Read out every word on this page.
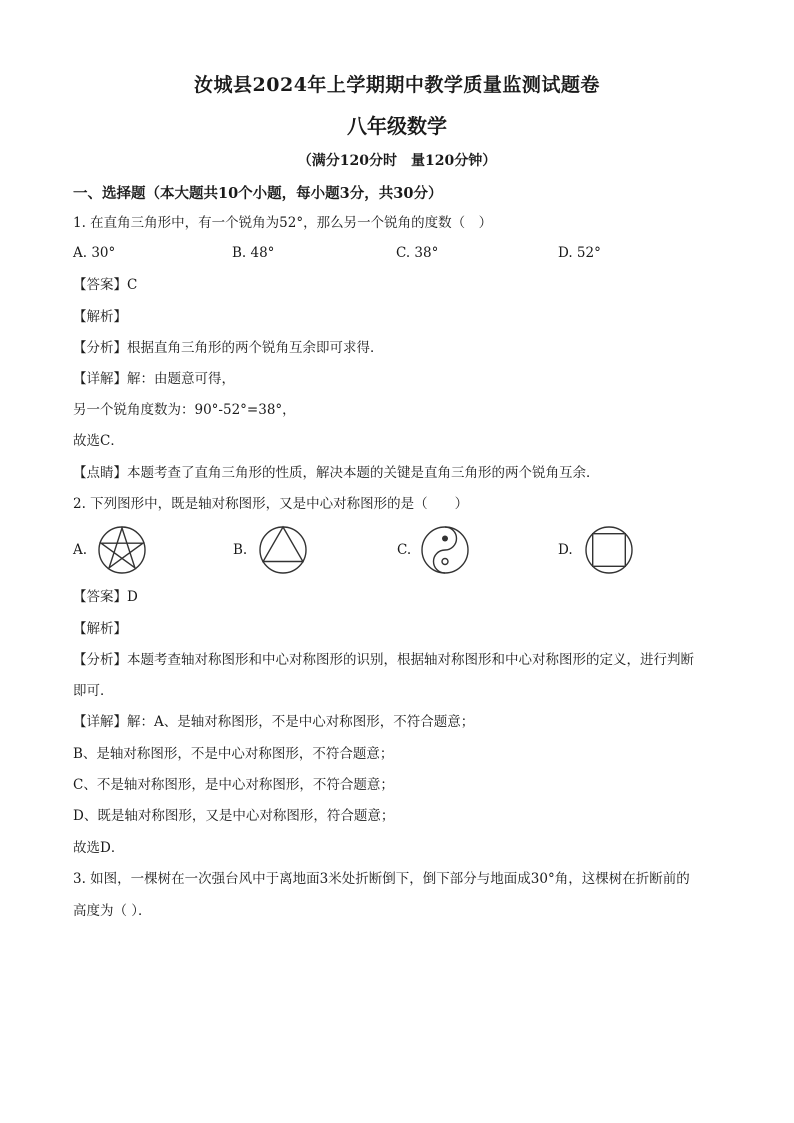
汝城县2024年上学期期中教学质量监测试题卷
八年级数学
（满分120分时　量120分钟）
一、选择题（本大题共10个小题，每小题3分，共30分）
1. 在直角三角形中，有一个锐角为52°，那么另一个锐角的度数（　）
A. 30°	B. 48°	C. 38°	D. 52°
【答案】C
【解析】
【分析】根据直角三角形的两个锐角互余即可求得．
【详解】解：由题意可得，
另一个锐角度数为：90°-52°=38°，
故选C．
【点睛】本题考查了直角三角形的性质，解决本题的关键是直角三角形的两个锐角互余．
2. 下列图形中，既是轴对称图形，又是中心对称图形的是（　　）
A.	B.	C.	D.
【答案】D
【解析】
【分析】本题考查轴对称图形和中心对称图形的识别，根据轴对称图形和中心对称图形的定义，进行判断
即可．
【详解】解：A、是轴对称图形，不是中心对称图形，不符合题意；
B、是轴对称图形，不是中心对称图形，不符合题意；
C、不是轴对称图形，是中心对称图形，不符合题意；
D、既是轴对称图形，又是中心对称图形，符合题意；
故选D．
3. 如图，一棵树在一次强台风中于离地面3米处折断倒下，倒下部分与地面成30°角，这棵树在折断前的
高度为（ ）．
